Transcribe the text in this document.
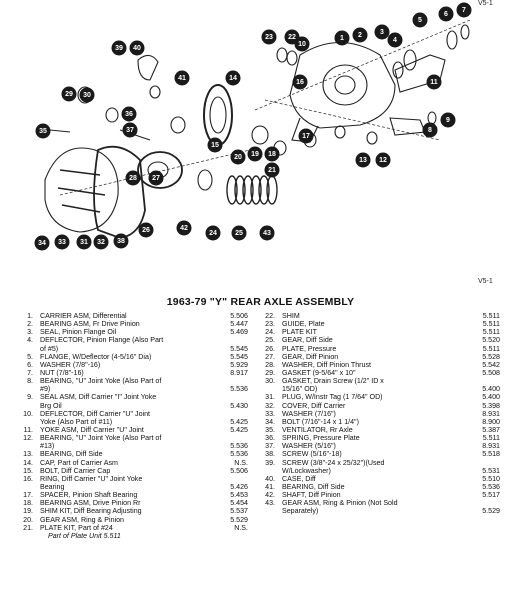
V5-1
1 2	3
4
5
6
7
8
9
10
11
12
13
14
15
16
17
18
19
20
21
22
23
24	25
26
27
28
29 30
31 32
33
34
35
36
37
38
39 40
41
42
43
V5-1
1963-79 "Y" REAR AXLE ASSEMBLY
1. CARRIER ASM, Differential	5.506
2. BEARING ASM, Fr Drive Pinion	5.447
3. SEAL, Pinion Flange Oil	5.469
4. DEFLECTOR, Pinion Flange (Also Part
of #5)	5.545
5. FLANGE, W/Deflector (4-5/16" Dia)	5.545
6. WASHER (7/8"-16)	5.929
7. NUT (7/8"-16)	8.917
8. BEARING, "U" Joint Yoke (Also Part of
#9)	5.536
9. SEAL ASM, Diff Carrier "I" Joint Yoke
Brg Oil	5.430
10. DEFLECTOR, Diff Carrier "U" Joint
Yoke (Also Part of #11)	5.425
11. YOKE ASM, Diff Carrier "U" Joint	5.425
12. BEARING, "U" Joint Yoke (Also Part of
#13)	5.536
13. BEARING, Diff Side	5.536
14. CAP, Part of Carrier Asm	N.S.
15. BOLT, Diff Carrier Cap	5.506
16. RING, Diff Carrier "U" Joint Yoke
Bearing	5.426
17. SPACER, Pinion Shaft Bearing	5.453
18. BEARING ASM, Drive Pinion Rr	5.454
19. SHIM KIT, Diff Bearing Adjusting	5.537
20. GEAR ASM, Ring & Pinion	5.529
21. PLATE KIT, Part of #24	N.S.
Part of Plate Unit 5.511
22. SHIM	5.511
23. GUIDE, Plate	5.511
24. PLATE KIT	5.511
25. GEAR, Diff Side	5.520
26. PLATE, Pressure	5.511
27. GEAR, Diff Pinion	5.528
28. WASHER, Diff Pinion Thrust	5.542
29. GASKET (9-5/64" x 10"	5.508
30. GASKET, Drain Screw (1/2" ID x
15/16" OD)	5.400
31. PLUG, W/Instr Tag (1 7/64" OD)	5.400
32. COVER, Diff Carrier	5.398
33. WASHER (7/16")	8.931
34. BOLT (7/16"-14 x 1 1/4")	8.900
35. VENTILATOR, Rr Axle	5.387
36. SPRING, Pressure Plate	5.511
37. WASHER (5/16")	8.931
38. SCREW (5/16"-18)	5.518
39. SCREW (3/8"-24 x 25/32")(Used
W/Lockwasher)	5.531
40. CASE, Diff	5.510
41. BEARING, Diff Side	5.536
42. SHAFT, Diff Pinion	5.517
43. GEAR ASM, Ring & Pinion (Not Sold
Separately)	5.529
